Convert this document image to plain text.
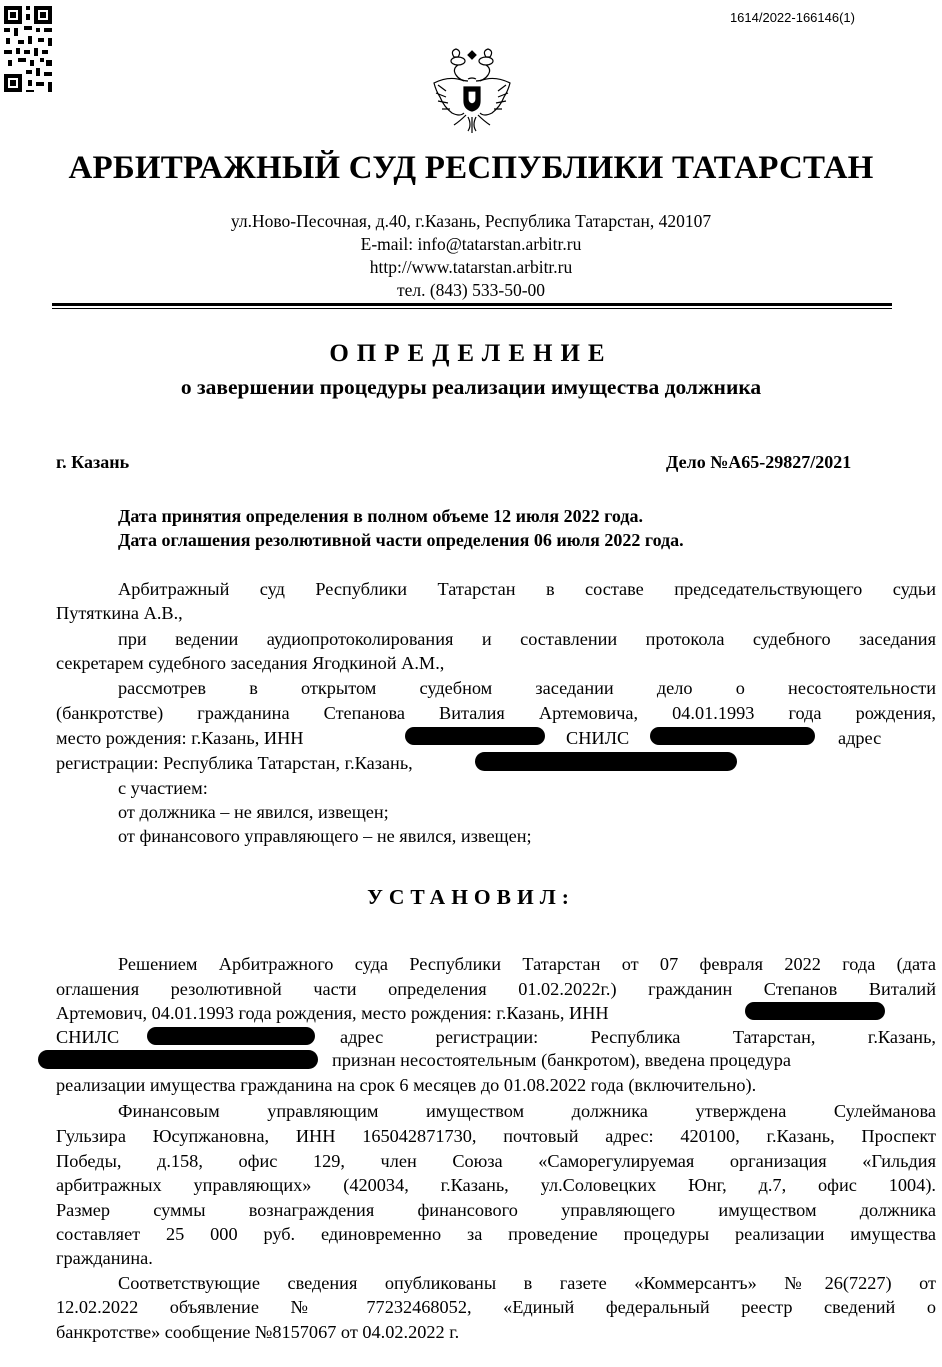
1614/2022-166146(1)
АРБИТРАЖНЫЙ СУД РЕСПУБЛИКИ ТАТАРСТАН
ул.Ново-Песочная, д.40, г.Казань, Республика Татарстан, 420107
E-mail: info@tatarstan.arbitr.ru
http://www.tatarstan.arbitr.ru
тел. (843) 533-50-00
ОПРЕДЕЛЕНИЕ
о завершении процедуры реализации имущества должника
г. Казань	Дело №А65-29827/2021
Дата принятия определения в полном объеме 12 июля 2022 года.
Дата оглашения резолютивной части определения 06 июля 2022 года.
Арбитражный суд Республики Татарстан в составе председательствующего судьи
Путяткина А.В.,
при ведении аудиопротоколирования и составлении протокола судебного заседания
секретарем судебного заседания Ягодкиной А.М.,
рассмотрев в открытом судебном заседании дело о несостоятельности
(банкротстве) гражданина Степанова Виталия Артемовича, 04.01.1993 года рождения,
место рождения: г.Казань, ИНН	СНИЛС	адрес
регистрации: Республика Татарстан, г.Казань,
с участием:
от должника – не явился, извещен;
от финансового управляющего – не явился, извещен;
УСТАНОВИЛ:
Решением Арбитражного суда Республики Татарстан от 07 февраля 2022 года (дата
оглашения резолютивной части определения 01.02.2022г.) гражданин Степанов Виталий
Артемович, 04.01.1993 года рождения, место рождения: г.Казань, ИНН
СНИЛС	адрес регистрации: Республика Татарстан, г.Казань,
признан несостоятельным (банкротом), введена процедура
реализации имущества гражданина на срок 6 месяцев до 01.08.2022 года (включительно).
Финансовым управляющим имуществом должника утверждена Сулейманова
Гульзира Юсупжановна, ИНН 165042871730, почтовый адрес: 420100, г.Казань, Проспект
Победы, д.158, офис 129, член Союза «Саморегулируемая организация «Гильдия
арбитражных управляющих» (420034, г.Казань, ул.Соловецких Юнг, д.7, офис 1004).
Размер суммы вознаграждения финансового управляющего имуществом должника
составляет 25 000 руб. единовременно за проведение процедуры реализации имущества
гражданина.
Соответствующие сведения опубликованы в газете «Коммерсантъ» №26(7227) от
12.02.2022 объявление № 77232468052, «Единый федеральный реестр сведений о
банкротстве» сообщение №8157067 от 04.02.2022 г.
